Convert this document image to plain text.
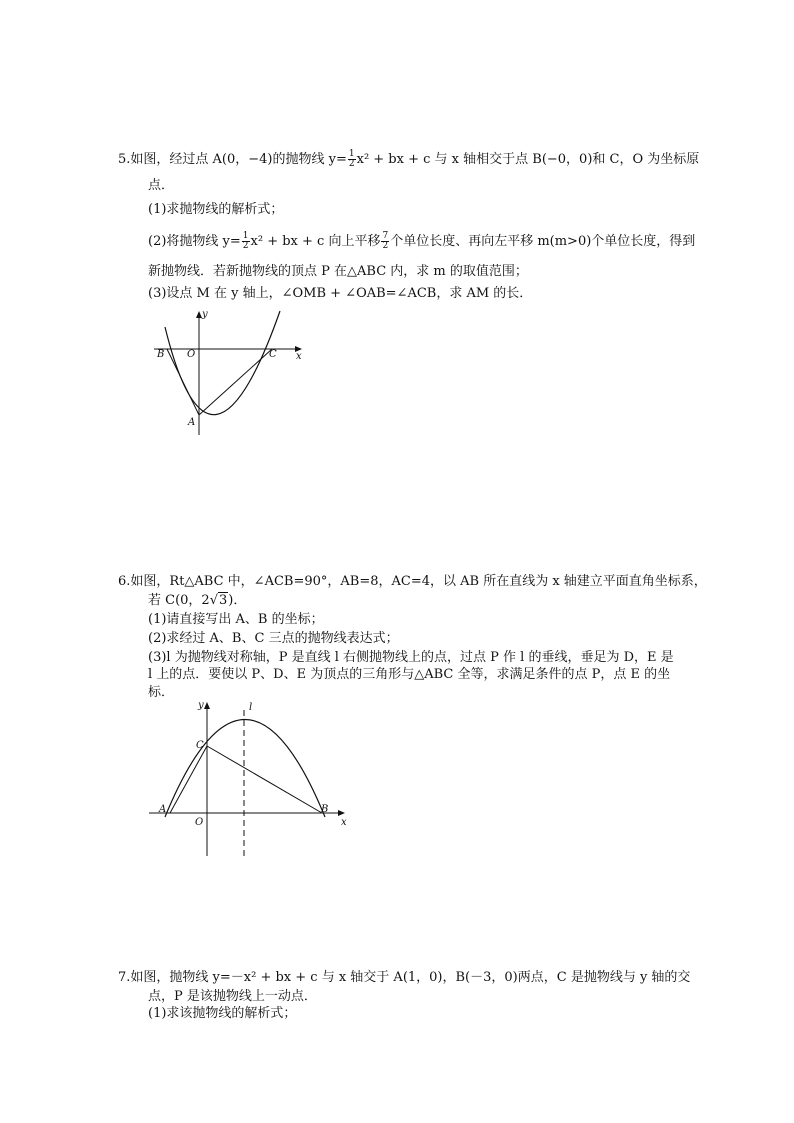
5.如图，经过点 A(0，−4)的抛物线 $y= \frac{1}{2} x^2$ + bx + c 与 x 轴相交于点 B(−0，0)和 C，O 为坐标原
点．
(1)求抛物线的解析式；
(2)将抛物线 $y= \frac{1}{2} x^2$ + bx + c 向上平移 $\frac{7}{2}$ 个单位长度、再向左平移 m(m>0)个单位长度，得到
新抛物线．若新抛物线的顶点 P 在△ABC 内，求 m 的取值范围；
(3)设点 M 在 y 轴上，∠OMB + ∠OAB=∠ACB，求 AM 的长．
y
x
B O	C
A
6.如图，Rt△ABC 中，∠ACB=90°，AB=8，AC=4，以 AB 所在直线为 x 轴建立平面直角坐标系，
若 C(0，2√3)．
(1)请直接写出 A、B 的坐标；
(2)求经过 A、B、C 三点的抛物线表达式；
(3)l 为抛物线对称轴，P 是直线 l 右侧抛物线上的点，过点 P 作 l 的垂线，垂足为 D，E 是
l 上的点．要使以 P、D、E 为顶点的三角形与△ABC 全等，求满足条件的点 P，点 E 的坐
标．
y	l
C
A
O
B
x
7.如图，抛物线 y=－x² + bx + c 与 x 轴交于 A(1，0)，B(－3，0)两点，C 是抛物线与 y 轴的交
点，P 是该抛物线上一动点．
(1)求该抛物线的解析式；
